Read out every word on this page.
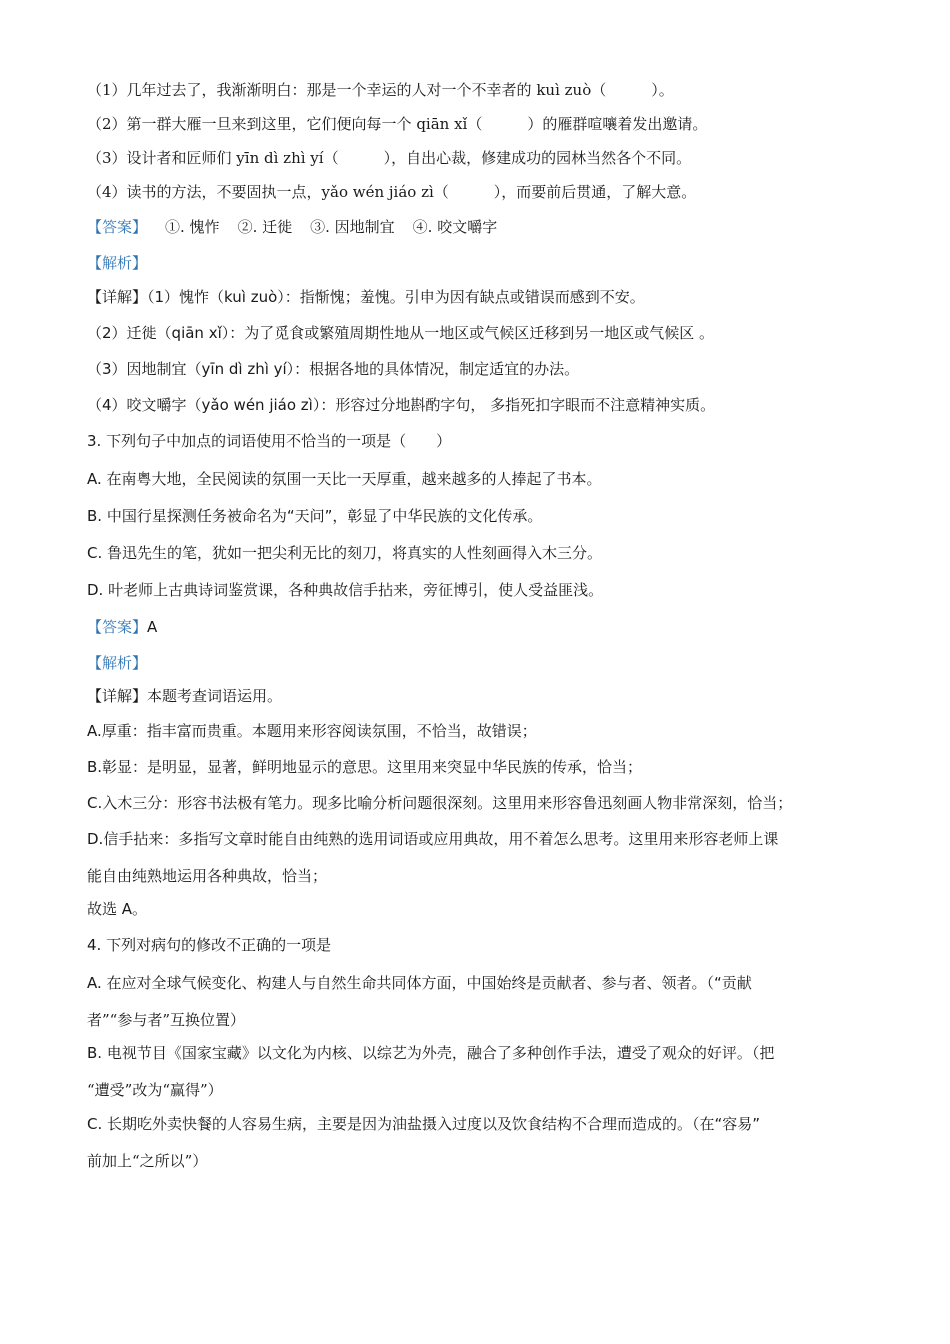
（1）几年过去了，我渐渐明白：那是一个幸运的人对一个不幸者的 kuì zuò（　　　）。
（2）第一群大雁一旦来到这里，它们便向每一个 qiān xǐ（　　　）的雁群喧嚷着发出邀请。
（3）设计者和匠师们 yīn dì zhì yí（　　　），自出心裁，修建成功的园林当然各个不同。
（4）读书的方法，不要固执一点，yǎo wén jiáo zì（　　　），而要前后贯通，了解大意。
【答案】 ①. 愧怍 ②. 迁徙 ③. 因地制宜 ④. 咬文嚼字
【解析】
【详解】（1）愧怍（kuì zuò）：指惭愧；羞愧。引申为因有缺点或错误而感到不安。
（2）迁徙（qiān xǐ）：为了觅食或繁殖周期性地从一地区或气候区迁移到另一地区或气候区 。
（3）因地制宜（yīn dì zhì yí）：根据各地的具体情况，制定适宜的办法。
（4）咬文嚼字（yǎo wén jiáo zì）：形容过分地斟酌字句， 多指死扣字眼而不注意精神实质。
3. 下列句子中加点的词语使用不恰当的一项是（　　）
A. 在南粤大地，全民阅读的氛围一天比一天厚重，越来越多的人捧起了书本。
B. 中国行星探测任务被命名为“天问”，彰显了中华民族的文化传承。
C. 鲁迅先生的笔，犹如一把尖利无比的刻刀，将真实的人性刻画得入木三分。
D. 叶老师上古典诗词鉴赏课，各种典故信手拈来，旁征博引，使人受益匪浅。
【答案】A
【解析】
【详解】本题考查词语运用。
A.厚重：指丰富而贵重。本题用来形容阅读氛围，不恰当，故错误；
B.彰显：是明显，显著，鲜明地显示的意思。这里用来突显中华民族的传承，恰当；
C.入木三分：形容书法极有笔力。现多比喻分析问题很深刻。这里用来形容鲁迅刻画人物非常深刻，恰当；
D.信手拈来：多指写文章时能自由纯熟的选用词语或应用典故，用不着怎么思考。这里用来形容老师上课
能自由纯熟地运用各种典故，恰当；
故选 A。
4. 下列对病句的修改不正确的一项是
A. 在应对全球气候变化、构建人与自然生命共同体方面，中国始终是贡献者、参与者、领者。（“贡献
者”“参与者”互换位置）
B. 电视节目《国家宝藏》以文化为内核、以综艺为外壳，融合了多种创作手法，遭受了观众的好评。（把
“遭受”改为“赢得”）
C. 长期吃外卖快餐的人容易生病，主要是因为油盐摄入过度以及饮食结构不合理而造成的。（在“容易”
前加上“之所以”）
